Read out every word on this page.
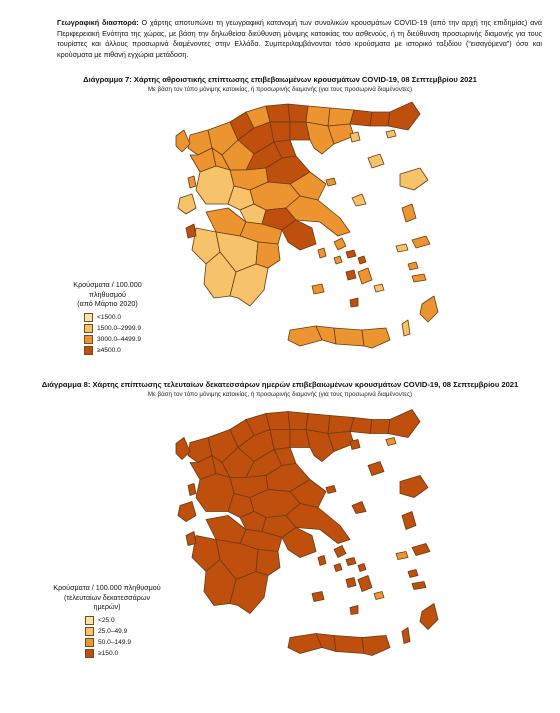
Γεωγραφική διασπορά: Ο χάρτης αποτυπώνει τη γεωγραφική κατανομή των συνολικών κρουσμάτων COVID-19 (από την αρχή της επιδημίας) ανά Περιφερειακή Ενότητα της χώρας, με βάση την δηλωθείσα διεύθυνση μόνιμης κατοικίας του ασθενούς, ή τη διεύθυνση προσωρινής διαμονής για τους τουρίστες και άλλους προσωρινά διαμένοντες στην Ελλάδα. Συμπεριλαμβάνονται τόσο κρούσματα με ιστορικό ταξιδίου (“εισαγόμενα”) όσο και κρούσματα με πιθανή εγχώρια μετάδοση.
Διάγραμμα 7: Χάρτης αθροιστικής επίπτωσης επιβεβαιωμένων κρουσμάτων COVID-19, 08 Σεπτεμβρίου 2021
Με βάση τον τόπο μόνιμης κατοικίας, ή προσωρινής διαμονής (για τους προσωρινά διαμένοντες)
Κρούσματα / 100.000 πληθυσμού
(από Μάρτιο 2020)
<1500.0
1500.0–2999.9
3000.0–4499.9
≥4500.0
Διάγραμμα 8: Χάρτης επίπτωσης τελευταίων δεκατεσσάρων ημερών επιβεβαιωμένων κρουσμάτων COVID-19, 08 Σεπτεμβρίου 2021
Με βάση τον τόπο μόνιμης κατοικίας, ή προσωρινής διαμονής (για τους προσωρινά διαμένοντες)
Κρούσματα / 100.000 πληθυσμού
(τελευταίων δεκατεσσάρων ημερών)
<25.0
25.0–49.9
50.0–149.9
≥150.0
